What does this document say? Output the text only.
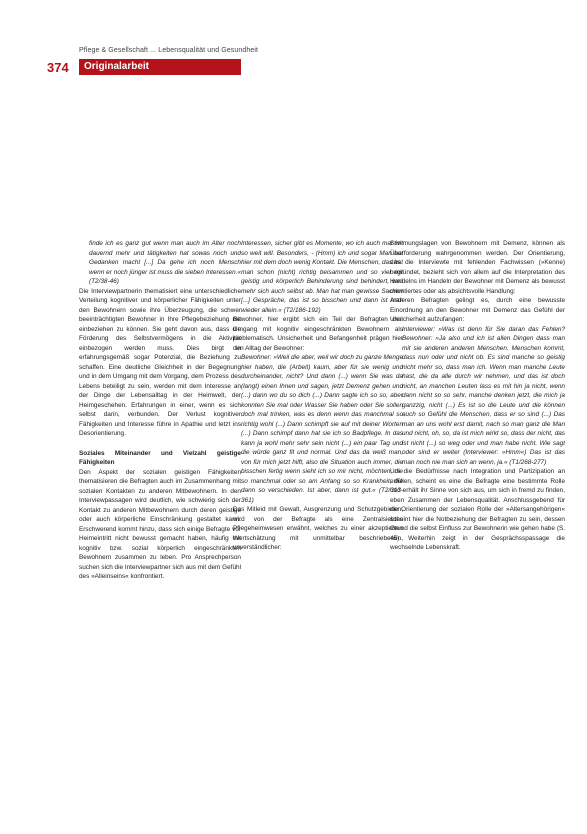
Pflege & Gesellschaft ... Lebensqualität und Gesundheit
374	Originalarbeit

finde ich es ganz gut wenn man auch im Alter noch dauernd mehr und tätigkeiten hat sowas noch und Gedanken macht [...] Da gehe ich noch Mensch wenn er noch jünger ist muss die sieben Interessen.« (T2/38-46)

Die Interviewpartnerin thematisiert eine unterschiedliche Verteilung kognitiver und körperlicher Fähigkeiten unter den Bewohnern sowie ihre Überzeugung, die schwer beeinträchtigten Bewohner in Ihre Pflegebeziehung mit einbeziehen zu können. Sie geht davon aus, dass die Förderung des Selbstvermögens in die Aktivität einbezogen werden muss. Dies birgt in erfahrungsgemäß sogar Potenzial, die Beziehung zu schaffen. Eine deutliche Gleichheit in der Begegnung und in dem Umgang mit dem Vorgang, dem Prozess des Lebens beteiligt zu sein, werden mit dem Interesse an der Dinge der Lebensalltag in der Heimwelt, der Heimgeschehen. Erfahrungen in einer, wenn es sich selbst darin, verbunden. Der Verlust kognitiver Fähigkeiten und Interesse führe in Apathie und letzt ins Desorientierung.

Soziales Miteinander und Vielzahl geistige Fähigkeiten

Den Aspekt der sozialen geistigen Fähigkeiten thematisieren die Befragten auch im Zusammenhang mit sozialen Kontakten zu anderen Mitbewohnern. In den Interviewpassagen wird deutlich, wie schwierig sich der Kontakt zu anderen Mitbewohnern durch deren geistige oder auch körperliche Einschränkung gestaltet kann. Erschwerend kommt hinzu, dass sich einige Befragte vor Heimeintritt nicht bewusst gemacht haben, häufig mit kognitiv bzw. sozial körperlich eingeschränkten Bewohnern zusammen zu leben. Pro Ansprechperson suchen sich die Interviewpartner sich aus mit dem Gefühl des »Alleinseins« konfrontiert.

Interessen, sicher gibt es Momente, wo ich auch mal mit so weit will. Besonders, - (Hmm) ich und sogar Man hat hier mit dem doch wenig Kontakt. Die Menschen, das hat man schon (nicht) richtig beisammen und so viel mit geistig und körperlich Behinderung sind behindert, weil mehr sich auch selbst ab. Man hat man gewisse Sachen [...] Gespräche, das ist so bisschen und dann ist man wieder allein.« (T2/186-192)

Bewohner, hier ergibt sich ein Teil der Befragten den Umgang mit kognitiv eingeschränkten Bewohnern als problematisch. Unsicherheit und Befangenheit prägen hier den Alltag der Bewohner:

Bewohner: »Weil die aber, weil wir doch zu ganze Menge hier haben, die (Arbeit) kaum, aber für sie wenig und durcheinander, nicht? Und dann (...) wenn Sie was da (langt) einen Ihnen und sagen, jetzt Demenz gehen und (...) dann wo du so dich (...) Dann sagte ich so so, aber konnten Sie mal oder Wasser Sie haben oder Sie sollen doch mal trinken, was es denn wenn das manchmal so richtig wohl (...) Dann schimpft sie auf mit deiner Worten (...) Dann schimpf dann hat sie ich so Badpflege. In das kann ja wohl mehr sehr sein nicht (...) ein paar Tag und die würde ganz fit und normal. Und das da weiß man, von für mich jetzt hilft, also die Situation auch immer, die bisschen fertig wenn sieht ich so mir nicht, möchten, die so manchmal oder so am Anfang so so Krankheit, die dann so verschieden. Ist aber, dann ist gut.« (T2/313-361)

Das Mitleid mit Gewalt, Ausgrenzung und Schutzgebieten, wird von der Befragte als eine Zentralsiebtes Pflegeheimwesen erwähnt, welches zu einer akzeptierten Wertschätzung mit unmittelbar beschriebenen, unverständlicher:

Stimmungslagen von Bewohnern mit Demenz, können als Überforderung wahrgenommen werden. Der Orientierung, das die Interviewte mit fehlenden Fachwissen (»Kenne) begründet, bezieht sich von allem auf die Interpretation des Handelns im Handeln der Bewohner mit Demenz als bewusst orientiertes oder als absichtsvolle Handlung:

Anderen Befragten gelingt es, durch eine bewusste Einordnung an den Bewohner mit Demenz das Gefühl der Unsicherheit aufzufangen:

Interviewer: »Was ist denn für Sie daran das Fehlen? Bewohner: »Ja also und ich ist allen Dingen dass man mit sie anderen anderen Menschen. Menschen kommt, dass nun oder und nicht ob. Es sind manche so geistig nicht mehr so, dass man ich. Wenn man manche Leute hast, die da alle durch wir nehmen, und das ist doch nicht, an manchen Leuten lass es mit hin ja nicht, wenn dann nicht so so sehr, manche denken jetzt, die mich ja ganzzig, nicht (...) Es ist so die Leute und die können auch so Gefühl die Menschen, dass er so sind (...) Das man an uns wohl erst damit, nach so man ganz die Man und nicht, oh, so, da ist mich wirkt so, dass der nicht, das ist nicht (...) so weg oder und man habe nicht. Wie sagt oder sind er weiter (Interviewer: »Hmm«) Das ist das man noch nie man sich an wenn, ja.« (T1/268-277)

Um die Bedürfnisse nach Integration und Partizipation an erfüllen, scheint es eine die Befragte eine bestimmte Rolle und erhält ihr Sinne von sich aus, um sich in fremd zu finden, eben Zusammen der Lebensqualität. Anschlussgebend für die Orientierung der sozialen Rolle der »Altersangehörigen« scheint hier die Notbeziehung der Befragten zu sein, dessen Grund die selbst Einfluss zur Bewohnerin wie gehen habe (S. 45). Weiterhin zeigt in der Gesprächsspassage die wechselnde Lebenskraft.
